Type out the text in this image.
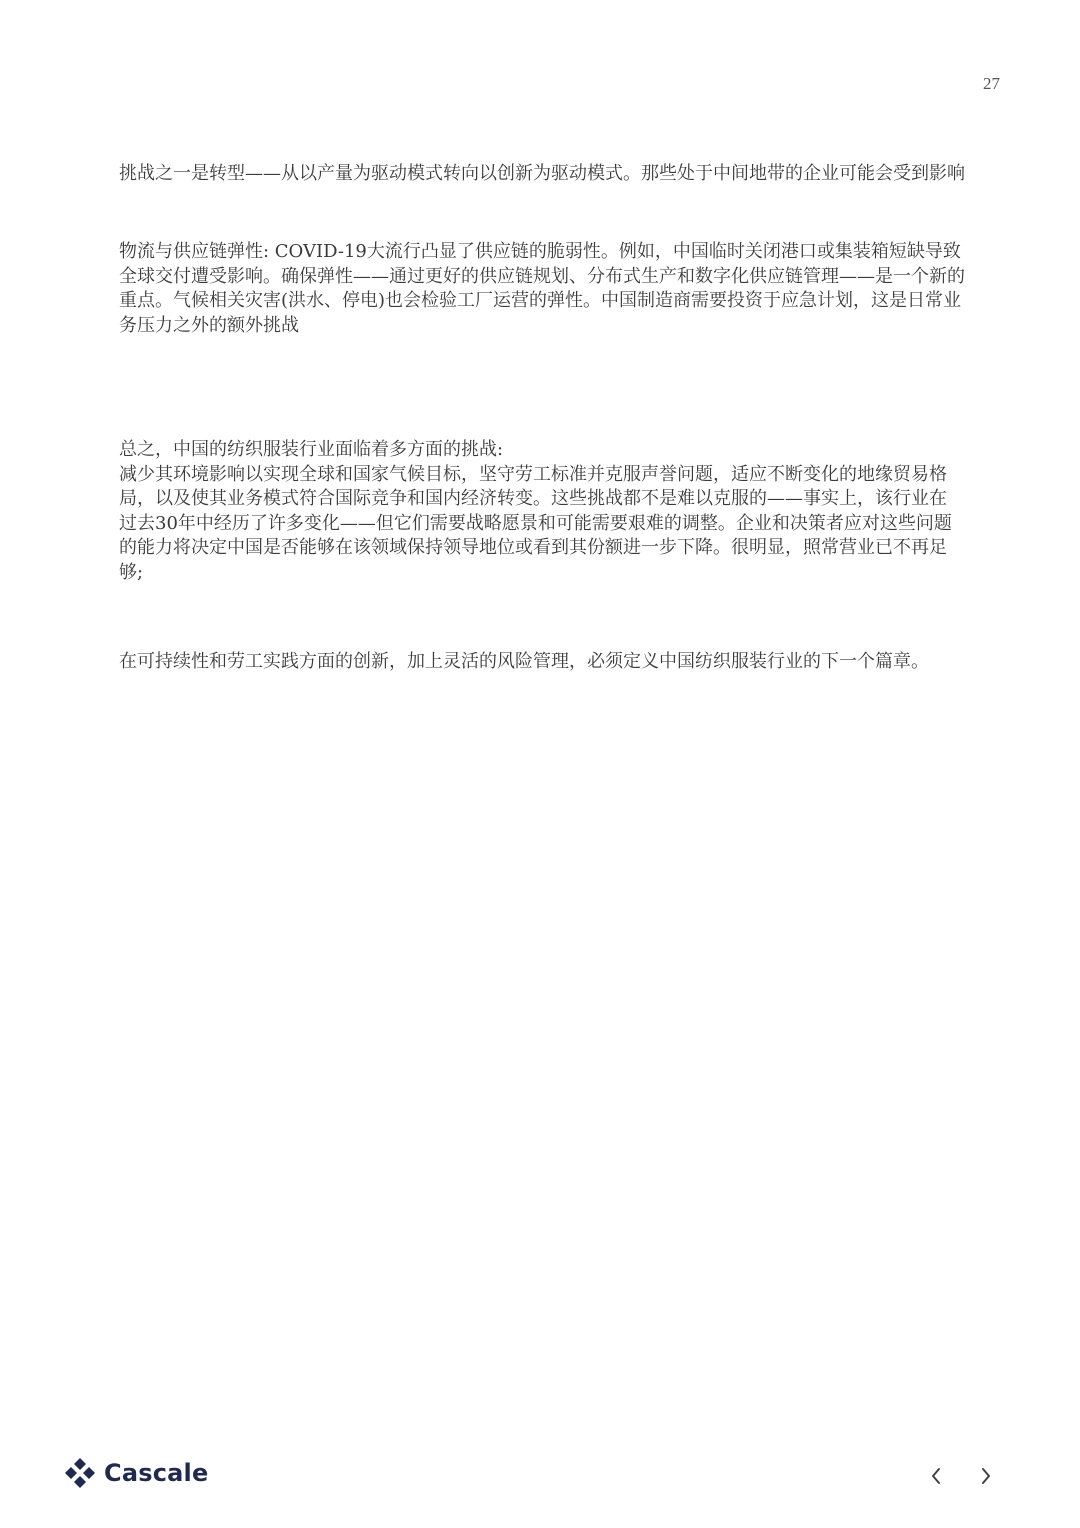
27
挑战之一是转型——从以产量为驱动模式转向以创新为驱动模式。那些处于中间地带的企业可能会受到影响
物流与供应链弹性: COVID-19大流行凸显了供应链的脆弱性。例如，中国临时关闭港口或集装箱短缺导致
全球交付遭受影响。确保弹性——通过更好的供应链规划、分布式生产和数字化供应链管理——是一个新的
重点。气候相关灾害(洪水、停电)也会检验工厂运营的弹性。中国制造商需要投资于应急计划，这是日常业
务压力之外的额外挑战
总之，中国的纺织服装行业面临着多方面的挑战:
减少其环境影响以实现全球和国家气候目标，坚守劳工标准并克服声誉问题，适应不断变化的地缘贸易格
局，以及使其业务模式符合国际竞争和国内经济转变。这些挑战都不是难以克服的——事实上，该行业在
过去30年中经历了许多变化——但它们需要战略愿景和可能需要艰难的调整。企业和决策者应对这些问题
的能力将决定中国是否能够在该领域保持领导地位或看到其份额进一步下降。很明显，照常营业已不再足
够;
在可持续性和劳工实践方面的创新，加上灵活的风险管理，必须定义中国纺织服装行业的下一个篇章。
Cascale
